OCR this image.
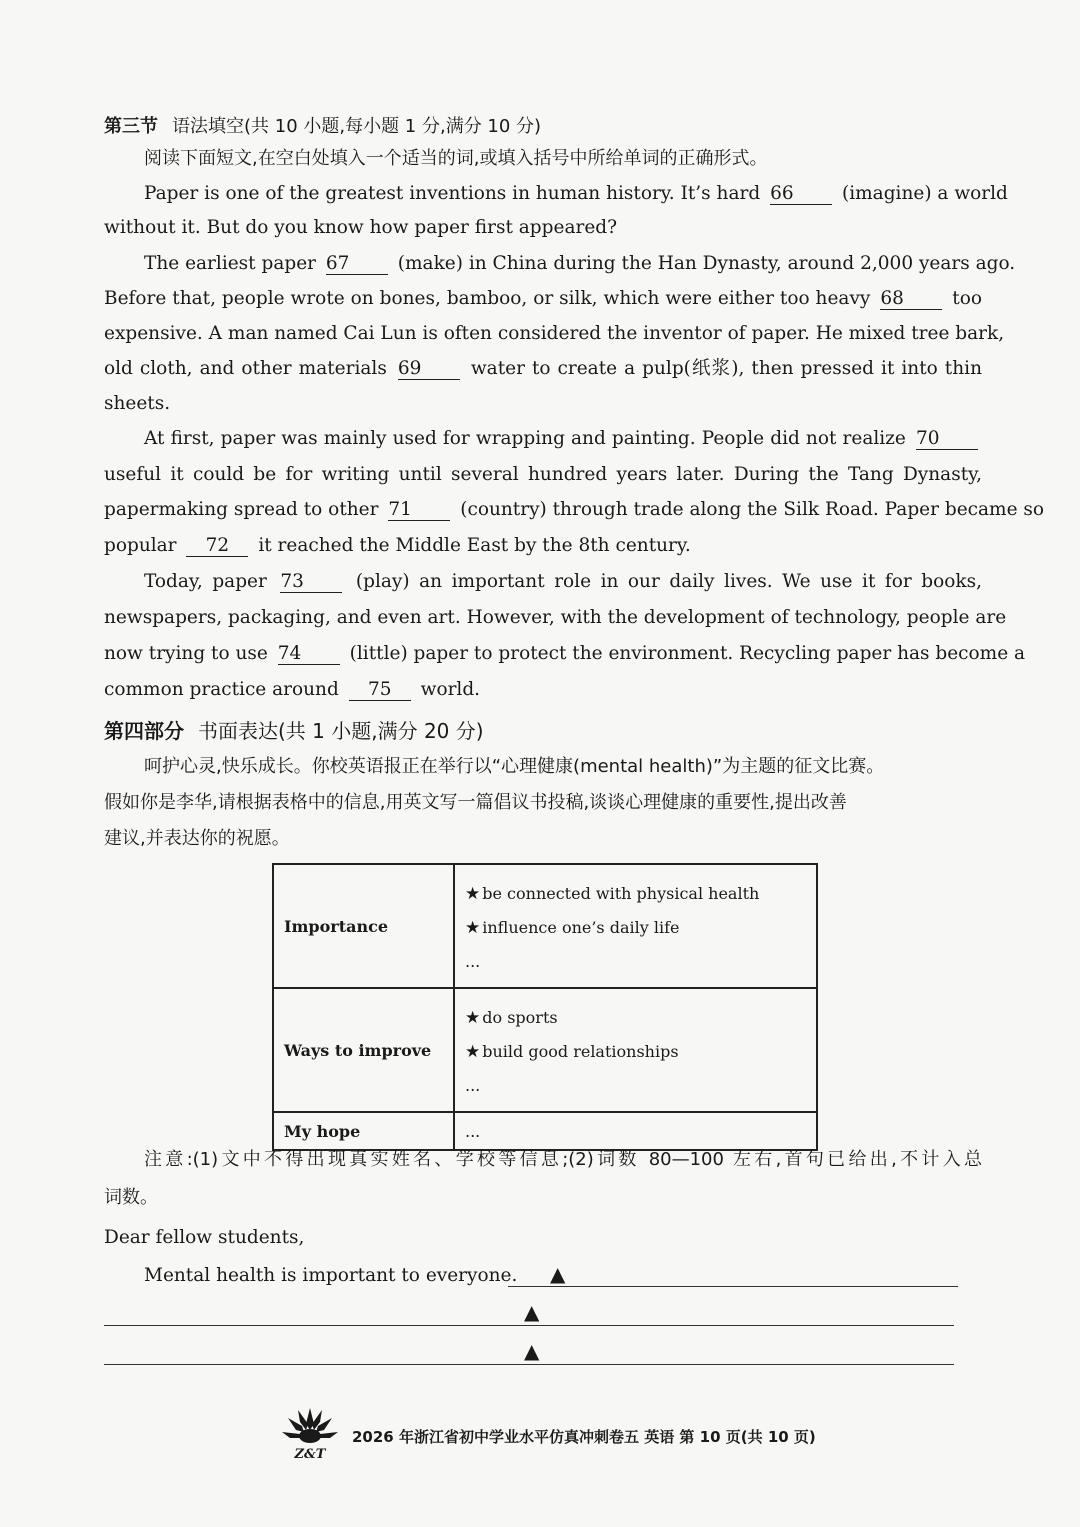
第三节 语法填空(共 10 小题,每小题 1 分,满分 10 分)
阅读下面短文,在空白处填入一个适当的词,或填入括号中所给单词的正确形式。
Paper is one of the greatest inventions in human history. It’s hard 66	(imagine) a world
without it. But do you know how paper first appeared?
The earliest paper 67	(make) in China during the Han Dynasty, around 2,000 years ago.
Before that, people wrote on bones, bamboo, or silk, which were either too heavy 68	too
expensive. A man named Cai Lun is often considered the inventor of paper. He mixed tree bark,
old cloth, and other materials 69	water to create a pulp(纸浆), then pressed it into thin
sheets.
At first, paper was mainly used for wrapping and painting. People did not realize 70
useful it could be for writing until several hundred years later. During the Tang Dynasty,
papermaking spread to other 71	(country) through trade along the Silk Road. Paper became so
popular 72 it reached the Middle East by the 8th century.
Today, paper 73	(play) an important role in our daily lives. We use it for books,
newspapers, packaging, and even art. However, with the development of technology, people are
now trying to use 74	(little) paper to protect the environment. Recycling paper has become a
common practice around 75 world.
第四部分 书面表达(共 1 小题,满分 20 分)
呵护心灵,快乐成长。你校英语报正在举行以“心理健康(mental health)”为主题的征文比赛。
假如你是李华,请根据表格中的信息,用英文写一篇倡议书投稿,谈谈心理健康的重要性,提出改善
建议,并表达你的祝愿。
Importance	★ be connected with physical health
★ influence one’s daily life
...

Ways to improve	★ do sports
★ build good relationships
...

My hope	...
注意:(1)文中不得出现真实姓名、学校等信息;(2)词数 80—100 左右,首句已给出,不计入总
词数。
Dear fellow students,
Mental health is important to everyone.	▲
▲
▲
Z&T
2026 年浙江省初中学业水平仿真冲刺卷五 英语 第 10 页(共 10 页)
